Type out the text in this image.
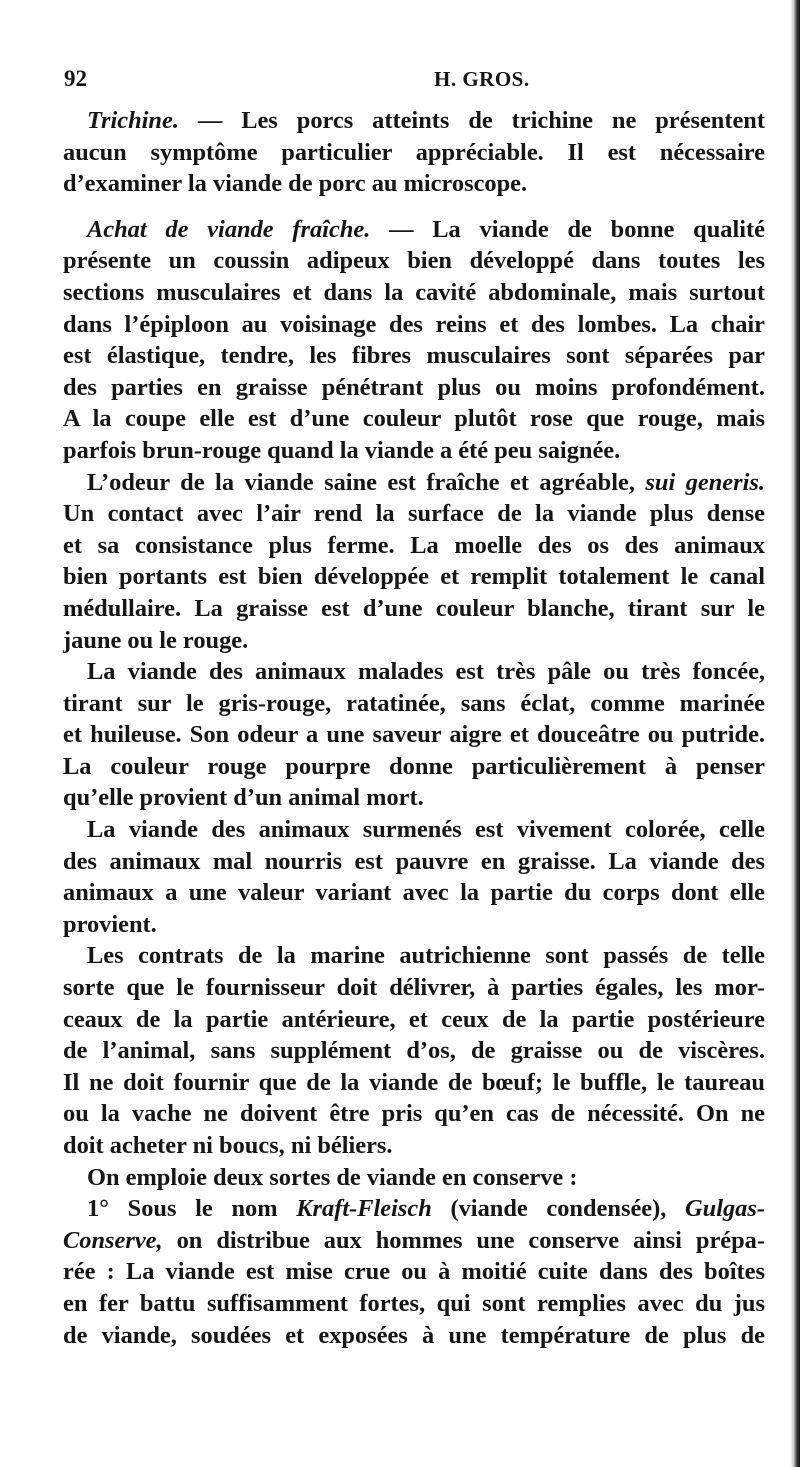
92	H. GROS.
Trichine. — Les porcs atteints de trichine ne présentent
aucun symptôme particulier appréciable. Il est nécessaire
d’examiner la viande de porc au microscope.
Achat de viande fraîche. — La viande de bonne qualité
présente un coussin adipeux bien développé dans toutes les
sections musculaires et dans la cavité abdominale, mais surtout
dans l’épiploon au voisinage des reins et des lombes. La chair
est élastique, tendre, les fibres musculaires sont séparées par
des parties en graisse pénétrant plus ou moins profondément.
A la coupe elle est d’une couleur plutôt rose que rouge, mais
parfois brun-rouge quand la viande a été peu saignée.
L’odeur de la viande saine est fraîche et agréable, sui generis.
Un contact avec l’air rend la surface de la viande plus dense
et sa consistance plus ferme. La moelle des os des animaux
bien portants est bien développée et remplit totalement le canal
médullaire. La graisse est d’une couleur blanche, tirant sur le
jaune ou le rouge.
La viande des animaux malades est très pâle ou très foncée,
tirant sur le gris-rouge, ratatinée, sans éclat, comme marinée
et huileuse. Son odeur a une saveur aigre et douceâtre ou putride.
La couleur rouge pourpre donne particulièrement à penser
qu’elle provient d’un animal mort.
La viande des animaux surmenés est vivement colorée, celle
des animaux mal nourris est pauvre en graisse. La viande des
animaux a une valeur variant avec la partie du corps dont elle
provient.
Les contrats de la marine autrichienne sont passés de telle
sorte que le fournisseur doit délivrer, à parties égales, les mor-
ceaux de la partie antérieure, et ceux de la partie postérieure
de l’animal, sans supplément d’os, de graisse ou de viscères.
Il ne doit fournir que de la viande de bœuf; le buffle, le taureau
ou la vache ne doivent être pris qu’en cas de nécessité. On ne
doit acheter ni boucs, ni béliers.
On emploie deux sortes de viande en conserve :
1° Sous le nom Kraft-Fleisch (viande condensée), Gulgas-
Conserve, on distribue aux hommes une conserve ainsi prépa-
rée : La viande est mise crue ou à moitié cuite dans des boîtes
en fer battu suffisamment fortes, qui sont remplies avec du jus
de viande, soudées et exposées à une température de plus de
